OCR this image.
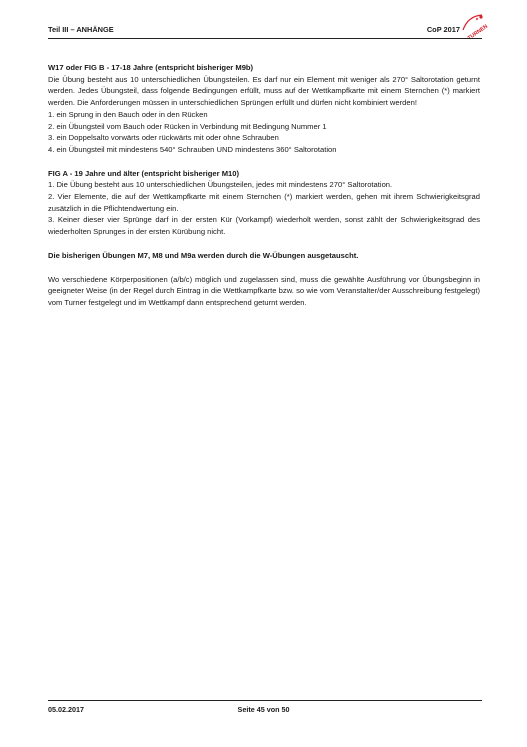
Teil III – ANHÄNGE	CoP 2017 TURNEN

W17 oder FIG B - 17-18 Jahre (entspricht bisheriger M9b)

Die Übung besteht aus 10 unterschiedlichen Übungsteilen. Es darf nur ein Element mit weniger als 270° Saltorotation geturnt werden. Jedes Übungsteil, dass folgende Bedingungen erfüllt, muss auf der Wettkampfkarte mit einem Sternchen (*) markiert werden. Die Anforderungen müssen in unterschiedlichen Sprüngen erfüllt und dürfen nicht kombiniert werden!

1. ein Sprung in den Bauch oder in den Rücken

2. ein Übungsteil vom Bauch oder Rücken in Verbindung mit Bedingung Nummer 1

3. ein Doppelsalto vorwärts oder rückwärts mit oder ohne Schrauben

4. ein Übungsteil mit mindestens 540° Schrauben UND mindestens 360° Saltorotation

FIG A - 19 Jahre und älter (entspricht bisheriger M10)

1. Die Übung besteht aus 10 unterschiedlichen Übungsteilen, jedes mit mindestens 270° Saltorotation.

2. Vier Elemente, die auf der Wettkampfkarte mit einem Sternchen (*) markiert werden, gehen mit ihrem Schwierigkeitsgrad zusätzlich in die Pflichtendwertung ein.

3. Keiner dieser vier Sprünge darf in der ersten Kür (Vorkampf) wiederholt werden, sonst zählt der Schwierigkeitsgrad des wiederholten Sprunges in der ersten Kürübung nicht.

Die bisherigen Übungen M7, M8 und M9a werden durch die W-Übungen ausgetauscht.

Wo verschiedene Körperpositionen (a/b/c) möglich und zugelassen sind, muss die gewählte Ausführung vor Übungsbeginn in geeigneter Weise (in der Regel durch Eintrag in die Wettkampfkarte bzw. so wie vom Veranstalter/der Ausschreibung festgelegt) vom Turner festgelegt und im Wettkampf dann entsprechend geturnt werden.

05.02.2017	Seite 45 von 50
